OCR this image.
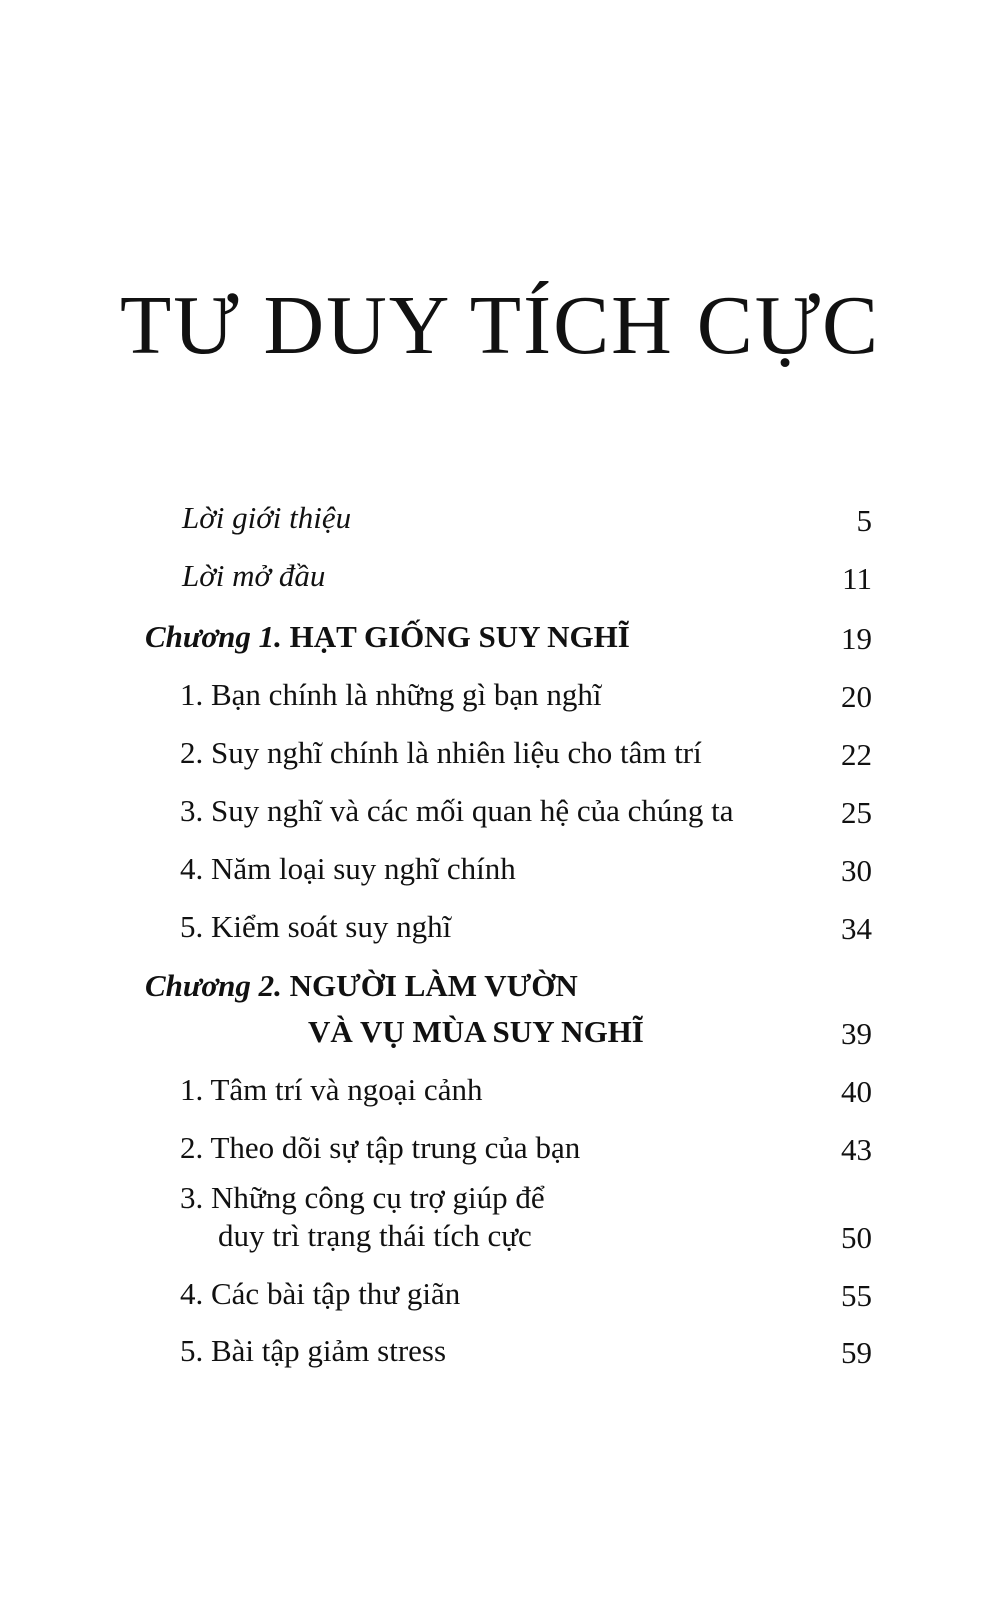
TƯ DUY TÍCH CỰC
Lời giới thiệu	5
Lời mở đầu	11
Chương 1. HẠT GIỐNG SUY NGHĨ	19
1. Bạn chính là những gì bạn nghĩ	20
2. Suy nghĩ chính là nhiên liệu cho tâm trí	22
3. Suy nghĩ và các mối quan hệ của chúng ta	25
4. Năm loại suy nghĩ chính	30
5. Kiểm soát suy nghĩ	34
Chương 2. NGƯỜI LÀM VƯỜN
VÀ VỤ MÙA SUY NGHĨ	39
1. Tâm trí và ngoại cảnh	40
2. Theo dõi sự tập trung của bạn	43
3. Những công cụ trợ giúp để
duy trì trạng thái tích cực	50
4. Các bài tập thư giãn	55
5. Bài tập giảm stress	59
